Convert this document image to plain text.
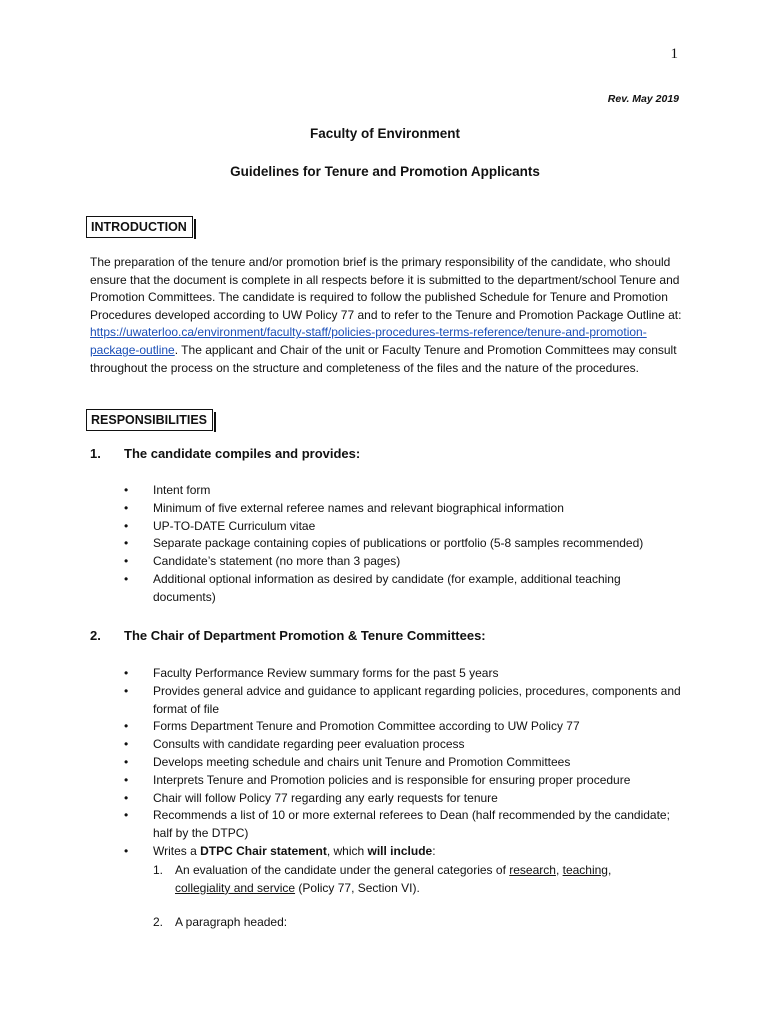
1
Rev. May 2019
Faculty of Environment
Guidelines for Tenure and Promotion Applicants
INTRODUCTION
The preparation of the tenure and/or promotion brief is the primary responsibility of the candidate, who should ensure that the document is complete in all respects before it is submitted to the department/school Tenure and Promotion Committees. The candidate is required to follow the published Schedule for Tenure and Promotion Procedures developed according to UW Policy 77 and to refer to the Tenure and Promotion Package Outline at: https://uwaterloo.ca/environment/faculty-staff/policies-procedures-terms-reference/tenure-and-promotion-package-outline. The applicant and Chair of the unit or Faculty Tenure and Promotion Committees may consult throughout the process on the structure and completeness of the files and the nature of the procedures.
RESPONSIBILITIES
1. The candidate compiles and provides:
• Intent form
• Minimum of five external referee names and relevant biographical information
• UP-TO-DATE Curriculum vitae
• Separate package containing copies of publications or portfolio (5-8 samples recommended)
• Candidate’s statement (no more than 3 pages)
• Additional optional information as desired by candidate (for example, additional teaching documents)
2. The Chair of Department Promotion & Tenure Committees:
• Faculty Performance Review summary forms for the past 5 years
• Provides general advice and guidance to applicant regarding policies, procedures, components and format of file
• Forms Department Tenure and Promotion Committee according to UW Policy 77
• Consults with candidate regarding peer evaluation process
• Develops meeting schedule and chairs unit Tenure and Promotion Committees
• Interprets Tenure and Promotion policies and is responsible for ensuring proper procedure
• Chair will follow Policy 77 regarding any early requests for tenure
• Recommends a list of 10 or more external referees to Dean (half recommended by the candidate; half by the DTPC)
• Writes a DTPC Chair statement, which will include:
1. An evaluation of the candidate under the general categories of research, teaching, collegiality and service (Policy 77, Section VI).
2. A paragraph headed:
